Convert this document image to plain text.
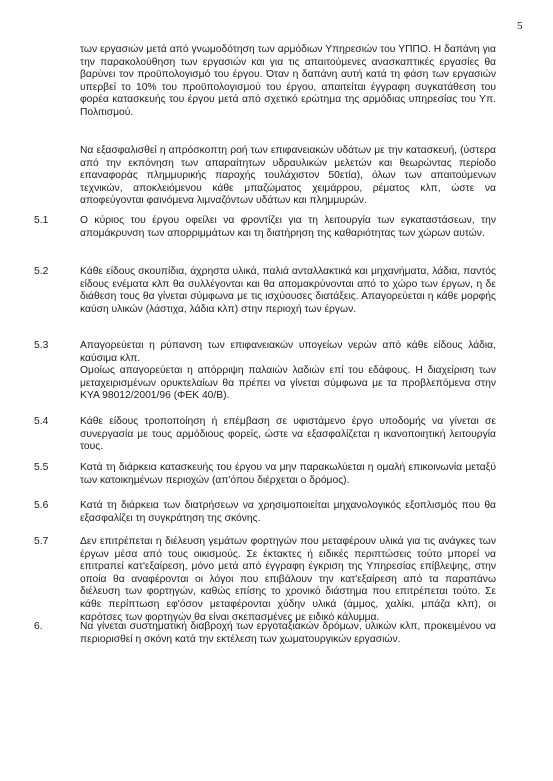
5

των εργασιών μετά από γνωμοδότηση των αρμόδιων Υπηρεσιών του ΥΠΠΟ. Η δαπάνη για την παρακολούθηση των εργασιών και για τις απαιτούμενες ανασκαπτικές εργασίες θα βαρύνει τον προϋπολογισμό του έργου. Όταν η δαπάνη αυτή κατά τη φάση των εργασιών υπερβεί το 10% του προϋπολογισμού του έργου, απαιτείται έγγραφη συγκατάθεση του φορέα κατασκευής του έργου μετά από σχετικό ερώτημα της αρμόδιας υπηρεσίας του Υπ. Πολιτισμού.

Να εξασφαλισθεί η απρόσκοπτη ροή των επιφανειακών υδάτων με την κατασκευή, (ύστερα από την εκπόνηση των απαραίτητων υδραυλικών μελετών και θεωρώντας περίοδο επαναφοράς πλημμυρικής παροχής τουλάχιστον 50ετία), όλων των απαιτούμενων τεχνικών, αποκλειόμενου κάθε μπαζώματος χειμάρρου, ρέματος κλπ, ώστε να αποφεύγονται φαινόμενα λιμναζόντων υδάτων και πλημμυρών.

5.1	Ο κύριος του έργου οφείλει να φροντίζει για τη λειτουργία των εγκαταστάσεων, την απομάκρυνση των απορριμμάτων και τη διατήρηση της καθαριότητας των χώρων αυτών.

5.2	Κάθε είδους σκουπίδια, άχρηστα υλικά, παλιά ανταλλακτικά και μηχανήματα, λάδια, παντός είδους ενέματα κλπ θα συλλέγονται και θα απομακρύνονται από το χώρο των έργων, η δε διάθεση τους θα γίνεται σύμφωνα με τις ισχύουσες διατάξεις. Απαγορεύεται η κάθε μορφής καύση υλικών (λάστιχα, λάδια κλπ) στην περιοχή των έργων.

5.3	Απαγορεύεται η ρύπανση των επιφανειακών υπογείων νερών από κάθε είδους λάδια, καύσιμα κλπ.

Ομοίως απαγορεύεται η απόρριψη παλαιών λαδιών επί του εδάφους. Η διαχείριση των μεταχειρισμένων ορυκτελαίων θα πρέπει να γίνεται σύμφωνα με τα προβλεπόμενα στην ΚΥΑ 98012/2001/96 (ΦΕΚ 40/Β).

5.4	Κάθε είδους τροποποίηση ή επέμβαση σε υφιστάμενο έργο υποδομής να γίνεται σε συνεργασία με τους αρμόδιους φορείς, ώστε να εξασφαλίζεται η ικανοποιητική λειτουργία τους.

5.5	Κατά τη διάρκεια κατασκευής του έργου να μην παρακωλύεται η ομαλή επικοινωνία μεταξύ των κατοικημένων περιοχών (απ'όπου διέρχεται ο δρόμος).

5.6	Κατά τη διάρκεια των διατρήσεων να χρησιμοποιείται μηχανολογικός εξοπλισμός που θα εξασφαλίζει τη συγκράτηση της σκόνης.

5.7	Δεν επιτρέπεται η διέλευση γεμάτων φορτηγών που μεταφέρουν υλικά για τις ανάγκες των έργων μέσα από τους οικισμούς. Σε έκτακτες ή ειδικές περιπτώσεις τούτο μπορεί να επιτραπεί κατ'εξαίρεση, μόνο μετά από έγγραφη έγκριση της Υπηρεσίας επίβλεψης, στην οποία θα αναφέρονται οι λόγοι που επιβάλουν την κατ'εξαίρεση από τα παραπάνω διέλευση των φορτηγών, καθώς επίσης το χρονικό διάστημα που επιτρέπεται τούτο. Σε κάθε περίπτωση εφ'όσον μεταφέρονται χύδην υλικά (άμμος, χαλίκι, μπάζα κλπ), οι καρότσες των φορτηγών θα είναι σκεπασμένες με ειδικό κάλυμμα.

6.	Να γίνεται συστηματική διαβροχή των εργοταξιακών δρόμων, υλικών κλπ, προκειμένου να περιορισθεί η σκόνη κατά την εκτέλεση των χωματουργικών εργασιών.
